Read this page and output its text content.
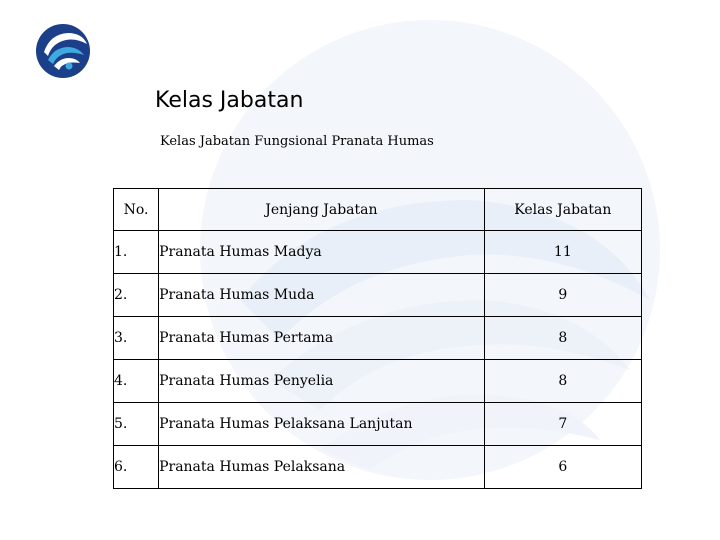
Kelas Jabatan
Kelas Jabatan Fungsional Pranata Humas
No.	Jenjang Jabatan	Kelas Jabatan
1.	Pranata Humas Madya	11
2.	Pranata Humas Muda	9
3.	Pranata Humas Pertama	8
4.	Pranata Humas Penyelia	8
5.	Pranata Humas Pelaksana Lanjutan	7
6.	Pranata Humas Pelaksana	6
